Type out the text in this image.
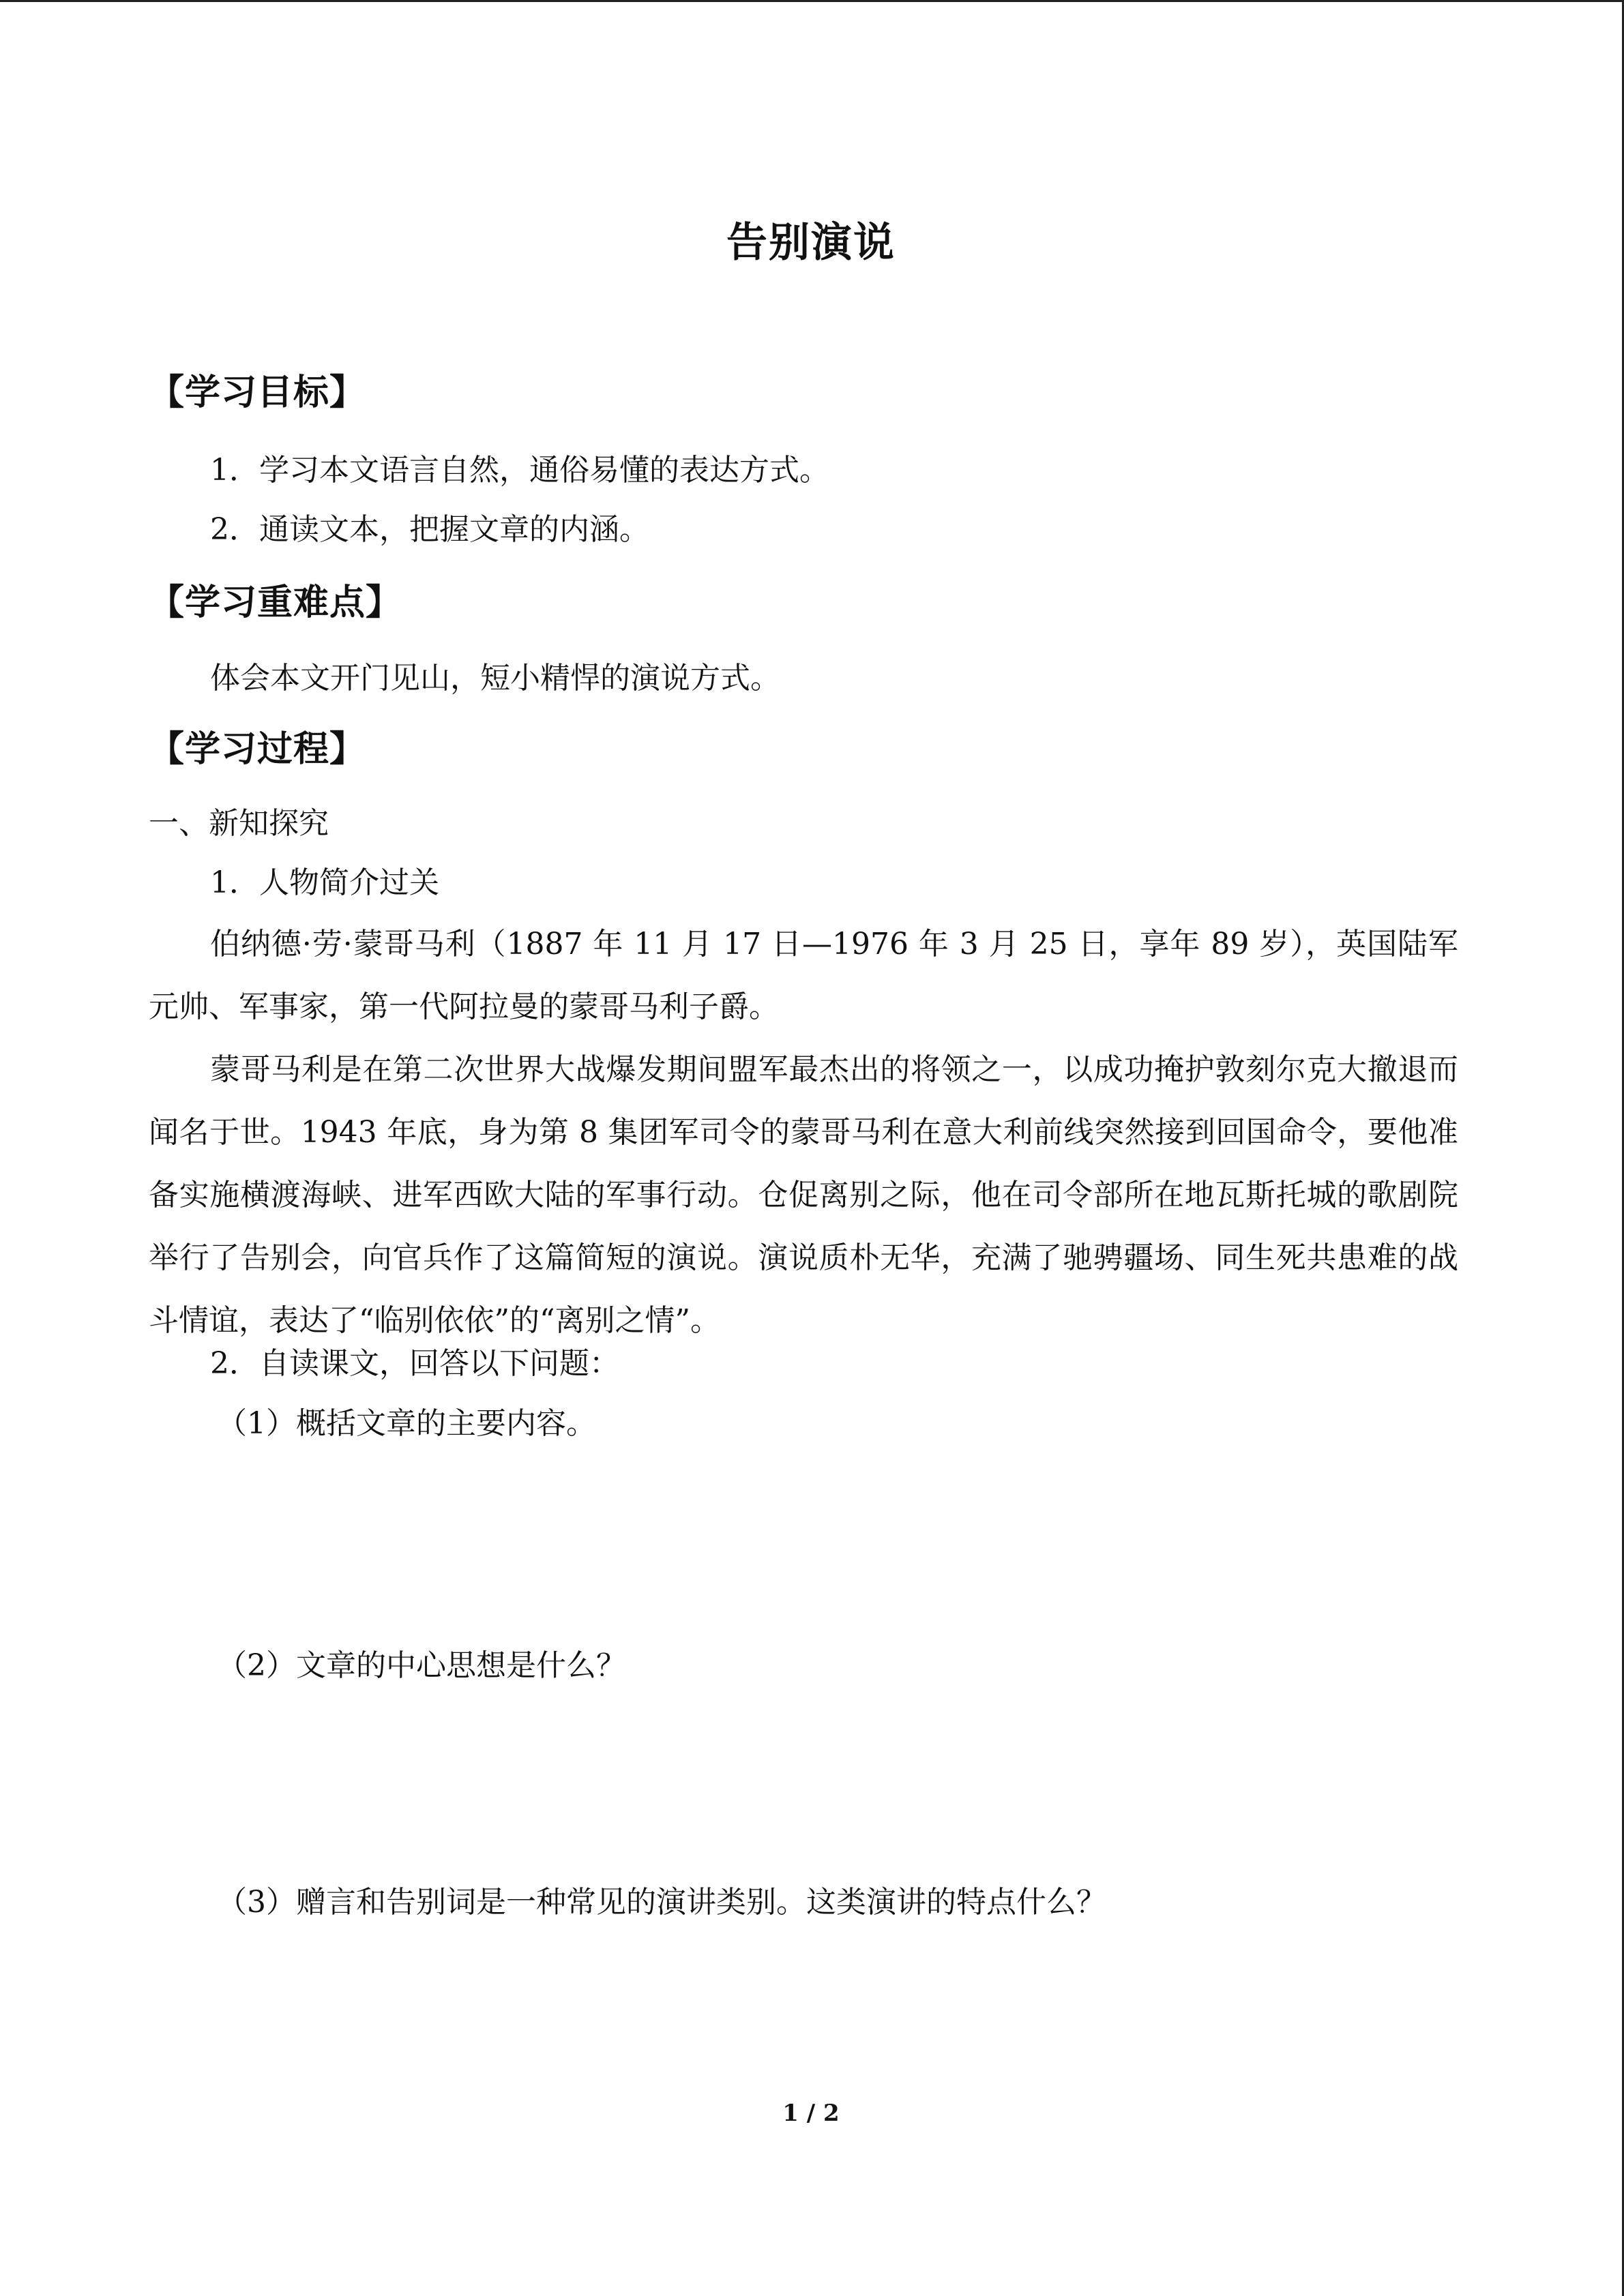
告别演说
【学习目标】
1．学习本文语言自然，通俗易懂的表达方式。
2．通读文本，把握文章的内涵。
【学习重难点】
体会本文开门见山，短小精悍的演说方式。
【学习过程】
一、新知探究
1．人物简介过关
伯纳德·劳·蒙哥马利（1887 年 11 月 17 日—1976 年 3 月 25 日，享年 89 岁），英国陆军元帅、军事家，第一代阿拉曼的蒙哥马利子爵。
蒙哥马利是在第二次世界大战爆发期间盟军最杰出的将领之一，以成功掩护敦刻尔克大撤退而闻名于世。1943 年底，身为第 8 集团军司令的蒙哥马利在意大利前线突然接到回国命令，要他准备实施横渡海峡、进军西欧大陆的军事行动。仓促离别之际，他在司令部所在地瓦斯托城的歌剧院举行了告别会，向官兵作了这篇简短的演说。演说质朴无华，充满了驰骋疆场、同生死共患难的战斗情谊，表达了“临别依依”的“离别之情”。
2．自读课文，回答以下问题：
（1）概括文章的主要内容。
（2）文章的中心思想是什么？
（3）赠言和告别词是一种常见的演讲类别。这类演讲的特点什么？
1 / 2
